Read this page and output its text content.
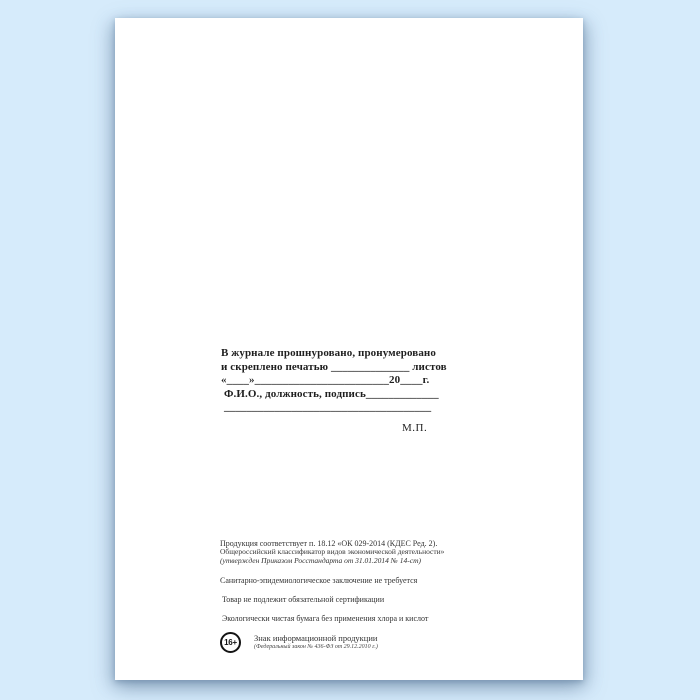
В журнале прошнуровано, пронумеровано
и скреплено печатью ______________ листов
«____»________________________20____г.
Ф.И.О., должность, подпись_____________
_____________________________________
М.П.
Продукция соответствует п. 18.12 «ОК 029-2014 (КДЕС Ред. 2).
Общероссийский классификатор видов экономической деятельности»
(утвержден Приказом Росстандарта от 31.01.2014 № 14-ст)
Санитарно-эпидемиологическое заключение не требуется
Товар не подлежит обязательной сертификации
Экологически чистая бумага без применения хлора и кислот
16+	Знак информационной продукции
(Федеральный закон № 436-ФЗ от 29.12.2010 г.)
